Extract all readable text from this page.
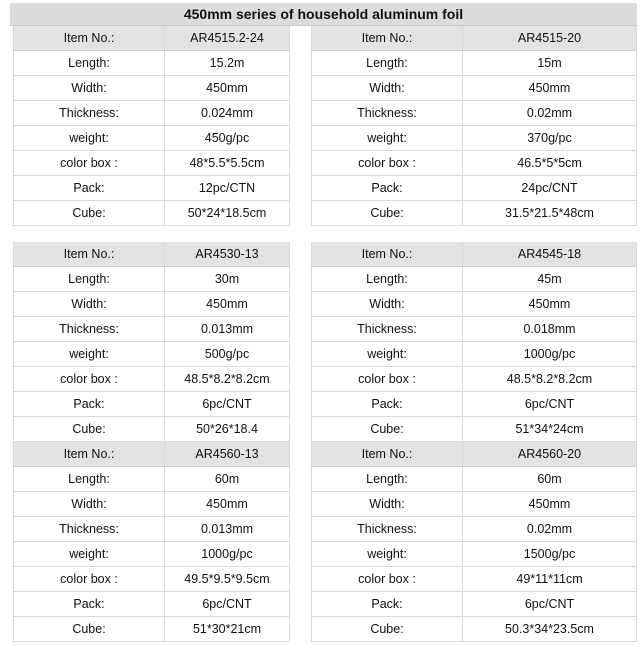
450mm series of household aluminum foil
Item No.:	AR4515.2-24
Length:	15.2m
Width:	450mm
Thickness:	0.024mm
weight:	450g/pc
color box :	48*5.5*5.5cm
Pack:	12pc/CTN
Cube:	50*24*18.5cm
Item No.:	AR4515-20
Length:	15m
Width:	450mm
Thickness:	0.02mm
weight:	370g/pc
color box :	46.5*5*5cm
Pack:	24pc/CNT
Cube:	31.5*21.5*48cm
Item No.:	AR4530-13
Length:	30m
Width:	450mm
Thickness:	0.013mm
weight:	500g/pc
color box :	48.5*8.2*8.2cm
Pack:	6pc/CNT
Cube:	50*26*18.4
Item No.:	AR4545-18
Length:	45m
Width:	450mm
Thickness:	0.018mm
weight:	1000g/pc
color box :	48.5*8.2*8.2cm
Pack:	6pc/CNT
Cube:	51*34*24cm
Item No.:	AR4560-13
Length:	60m
Width:	450mm
Thickness:	0.013mm
weight:	1000g/pc
color box :	49.5*9.5*9.5cm
Pack:	6pc/CNT
Cube:	51*30*21cm
Item No.:	AR4560-20
Length:	60m
Width:	450mm
Thickness:	0.02mm
weight:	1500g/pc
color box :	49*11*11cm
Pack:	6pc/CNT
Cube:	50.3*34*23.5cm
